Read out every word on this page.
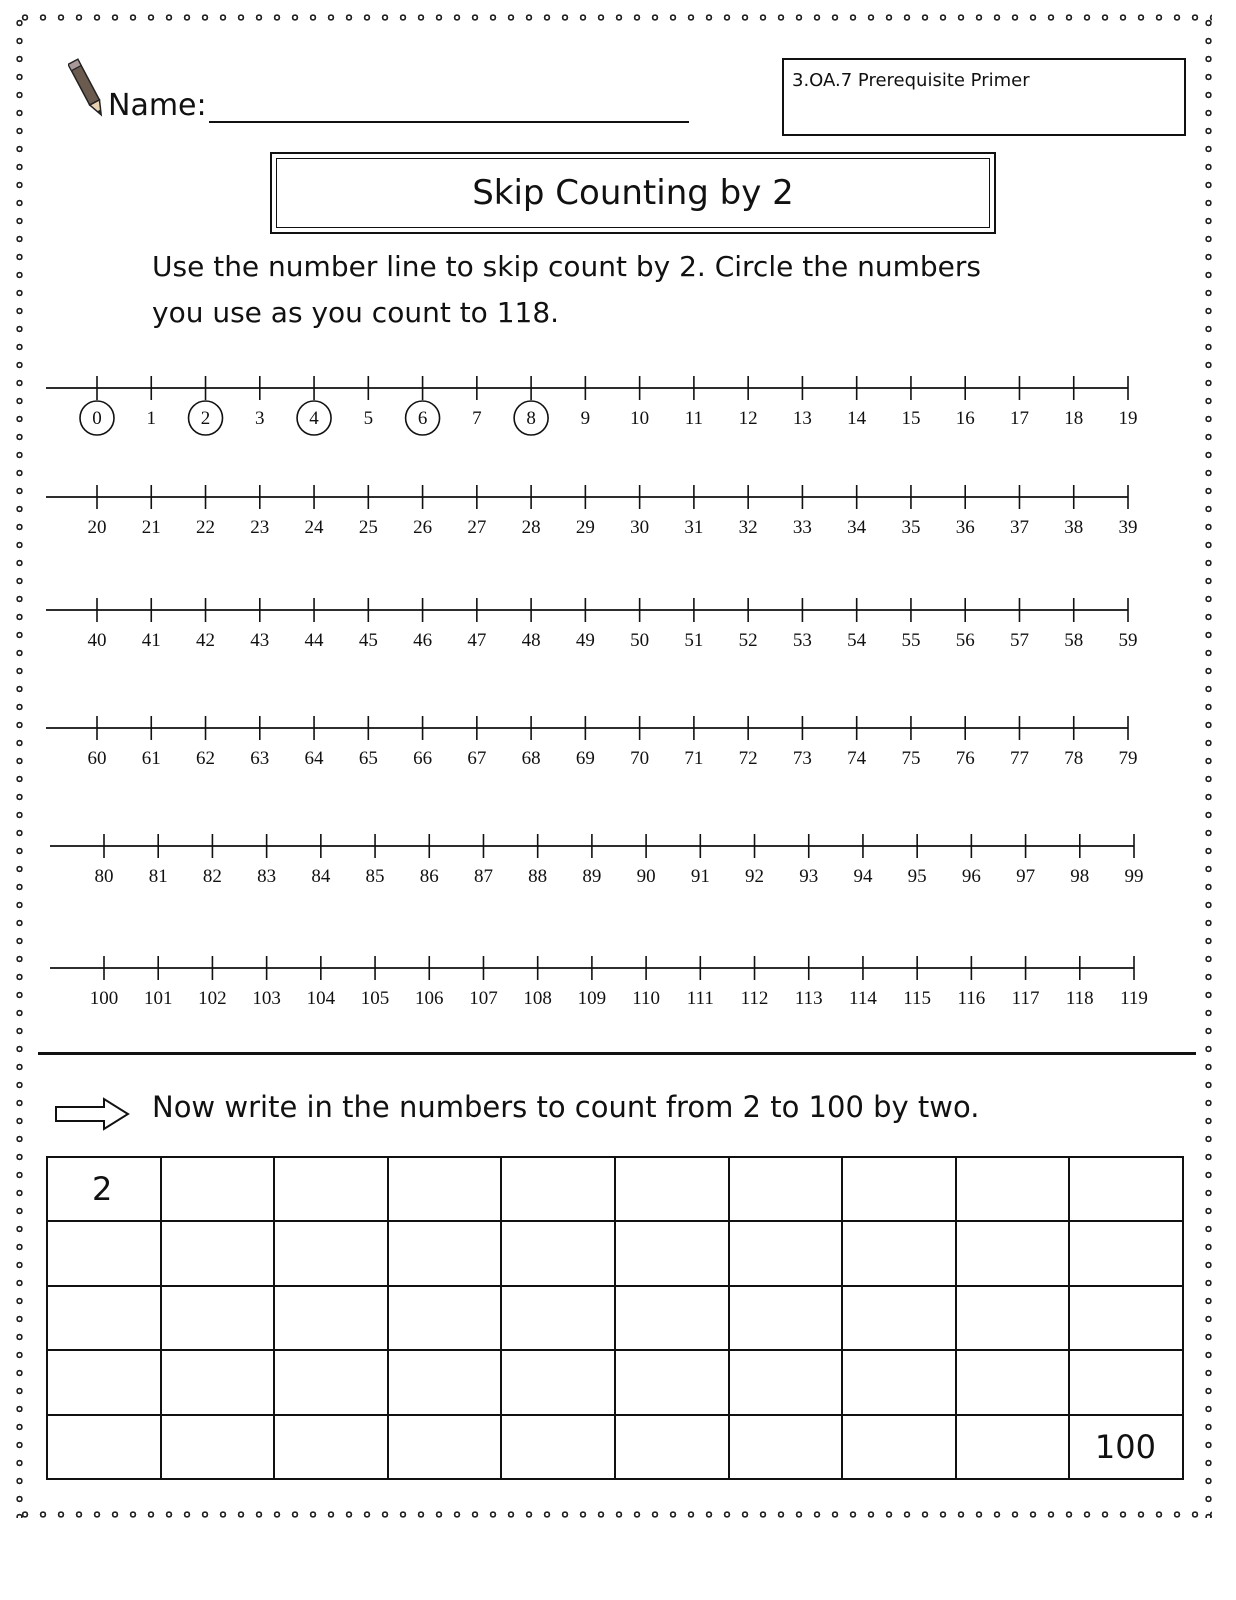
Name:
3.OA.7 Prerequisite Primer
Skip Counting by 2
Use the number line to skip count by 2. Circle the numbers
you use as you count to 118.
0 1 2 3 4 5 6 7 8 9 10 11 12 13 14 15 16 17 18 19
20 21 22 23 24 25 26 27 28 29 30 31 32 33 34 35 36 37 38 39
40 41 42 43 44 45 46 47 48 49 50 51 52 53 54 55 56 57 58 59
60 61 62 63 64 65 66 67 68 69 70 71 72 73 74 75 76 77 78 79
80 81 82 83 84 85 86 87 88 89 90 91 92 93 94 95 96 97 98 99
100 101 102 103 104 105 106 107 108 109 110 111 112 113 114 115 116 117 118 119
Now write in the numbers to count from 2 to 100 by two.
2									

									100
